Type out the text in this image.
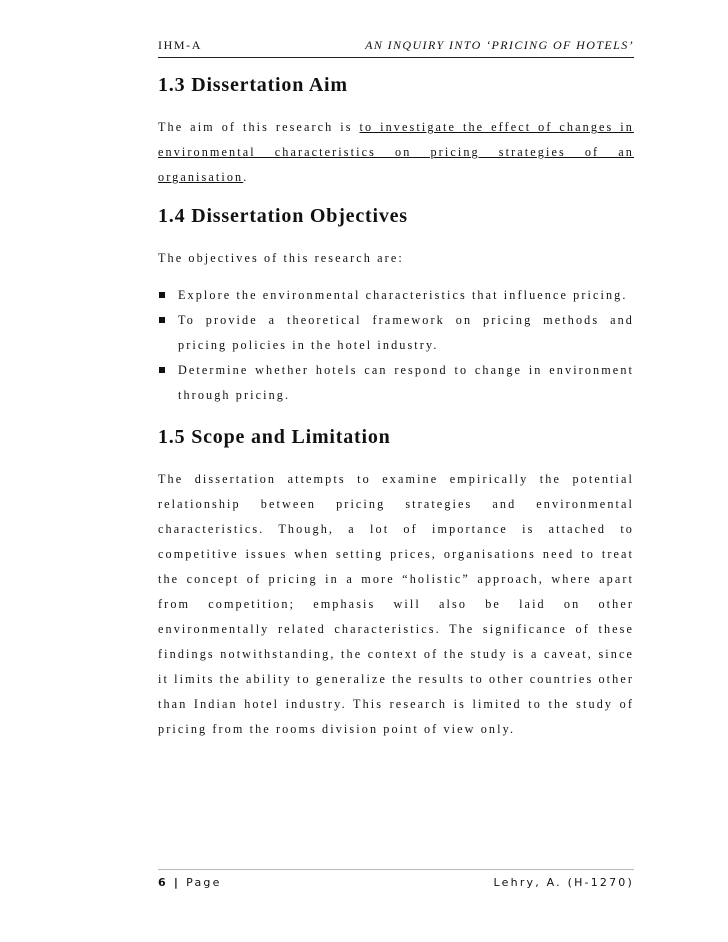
IHM-A	AN INQUIRY INTO ‘PRICING OF HOTELS’
1.3 Dissertation Aim

The aim of this research is to investigate the effect of changes in environmental characteristics on pricing strategies of an organisation.

1.4 Dissertation Objectives

The objectives of this research are:

Explore the environmental characteristics that influence pricing.
To provide a theoretical framework on pricing methods and pricing policies in the hotel industry.
Determine whether hotels can respond to change in environment through pricing.
1.5 Scope and Limitation

The dissertation attempts to examine empirically the potential relationship between pricing strategies and environmental characteristics. Though, a lot of importance is attached to competitive issues when setting prices, organisations need to treat the concept of pricing in a more “holistic” approach, where apart from competition; emphasis will also be laid on other environmentally related characteristics. The significance of these findings notwithstanding, the context of the study is a caveat, since it limits the ability to generalize the results to other countries other than Indian hotel industry. This research is limited to the study of pricing from the rooms division point of view only.

6 | Page	Lehry, A. (H-1270)
